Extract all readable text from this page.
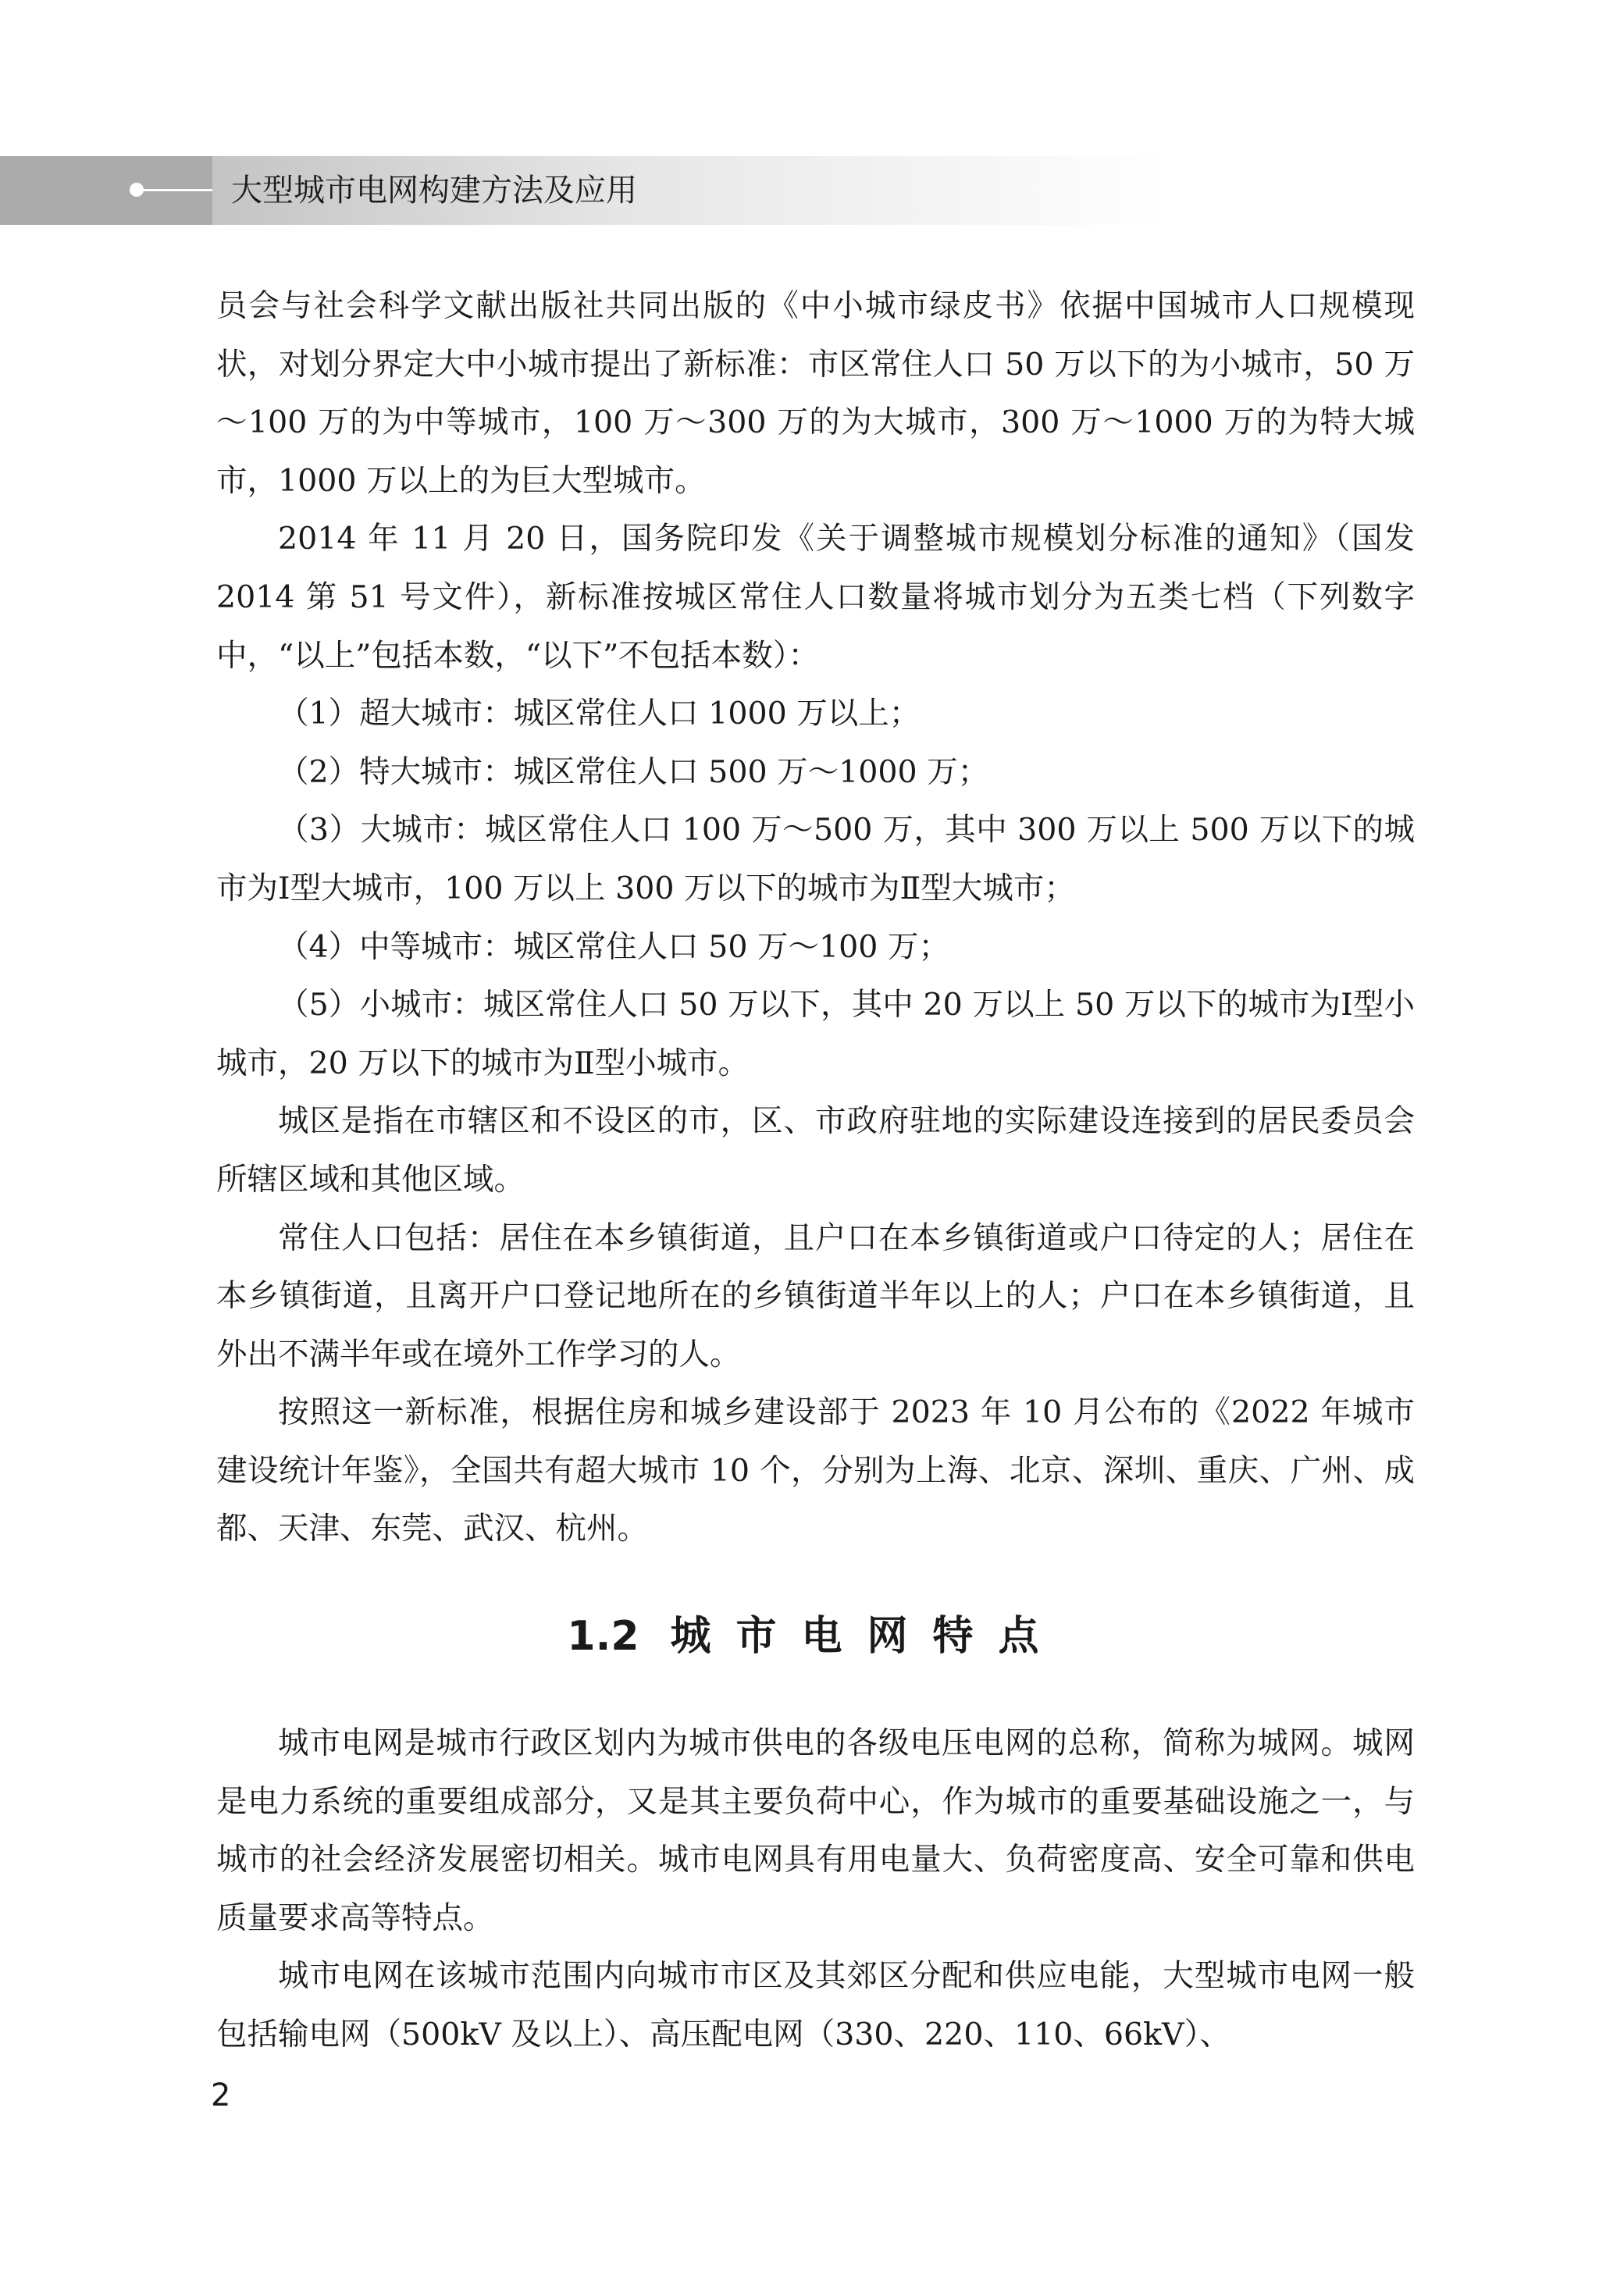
大型城市电网构建方法及应用

员会与社会科学文献出版社共同出版的《中小城市绿皮书》依据中国城市人口规模现状，对划分界定大中小城市提出了新标准：市区常住人口 50 万以下的为小城市，50 万～100 万的为中等城市，100 万～300 万的为大城市，300 万～1000 万的为特大城市，1000 万以上的为巨大型城市。

2014 年 11 月 20 日，国务院印发《关于调整城市规模划分标准的通知》（国发 2014 第 51 号文件），新标准按城区常住人口数量将城市划分为五类七档（下列数字中，“以上”包括本数，“以下”不包括本数）：

（1）超大城市：城区常住人口 1000 万以上；

（2）特大城市：城区常住人口 500 万～1000 万；

（3）大城市：城区常住人口 100 万～500 万，其中 300 万以上 500 万以下的城市为Ⅰ型大城市，100 万以上 300 万以下的城市为Ⅱ型大城市；

（4）中等城市：城区常住人口 50 万～100 万；

（5）小城市：城区常住人口 50 万以下，其中 20 万以上 50 万以下的城市为Ⅰ型小城市，20 万以下的城市为Ⅱ型小城市。

城区是指在市辖区和不设区的市，区、市政府驻地的实际建设连接到的居民委员会所辖区域和其他区域。

常住人口包括：居住在本乡镇街道，且户口在本乡镇街道或户口待定的人；居住在本乡镇街道，且离开户口登记地所在的乡镇街道半年以上的人；户口在本乡镇街道，且外出不满半年或在境外工作学习的人。

按照这一新标准，根据住房和城乡建设部于 2023 年 10 月公布的《2022 年城市建设统计年鉴》，全国共有超大城市 10 个，分别为上海、北京、深圳、重庆、广州、成都、天津、东莞、武汉、杭州。

1.2 城市电网特点

城市电网是城市行政区划内为城市供电的各级电压电网的总称，简称为城网。城网是电力系统的重要组成部分，又是其主要负荷中心，作为城市的重要基础设施之一，与城市的社会经济发展密切相关。城市电网具有用电量大、负荷密度高、安全可靠和供电质量要求高等特点。

城市电网在该城市范围内向城市市区及其郊区分配和供应电能，大型城市电网一般包括输电网（500kV 及以上）、高压配电网（330、220、110、66kV）、

2
